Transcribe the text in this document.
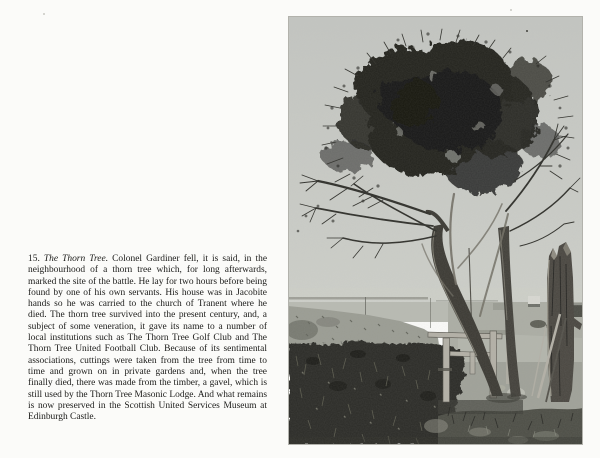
15. The Thorn Tree. Colonel Gardiner fell, it is said, in the neighbourhood of a thorn tree which, for long afterwards, marked the site of the battle. He lay for two hours before being found by one of his own servants. His house was in Jacobite hands so he was carried to the church of Tranent where he died. The thorn tree survived into the present century, and, a subject of some veneration, it gave its name to a number of local institutions such as The Thorn Tree Golf Club and The Thorn Tree United Football Club. Because of its sentimental associations, cuttings were taken from the tree from time to time and grown on in private gardens and, when the tree finally died, there was made from the timber, a gavel, which is still used by the Thorn Tree Masonic Lodge. And what remains is now preserved in the Scottish United Services Museum at Edinburgh Castle.
